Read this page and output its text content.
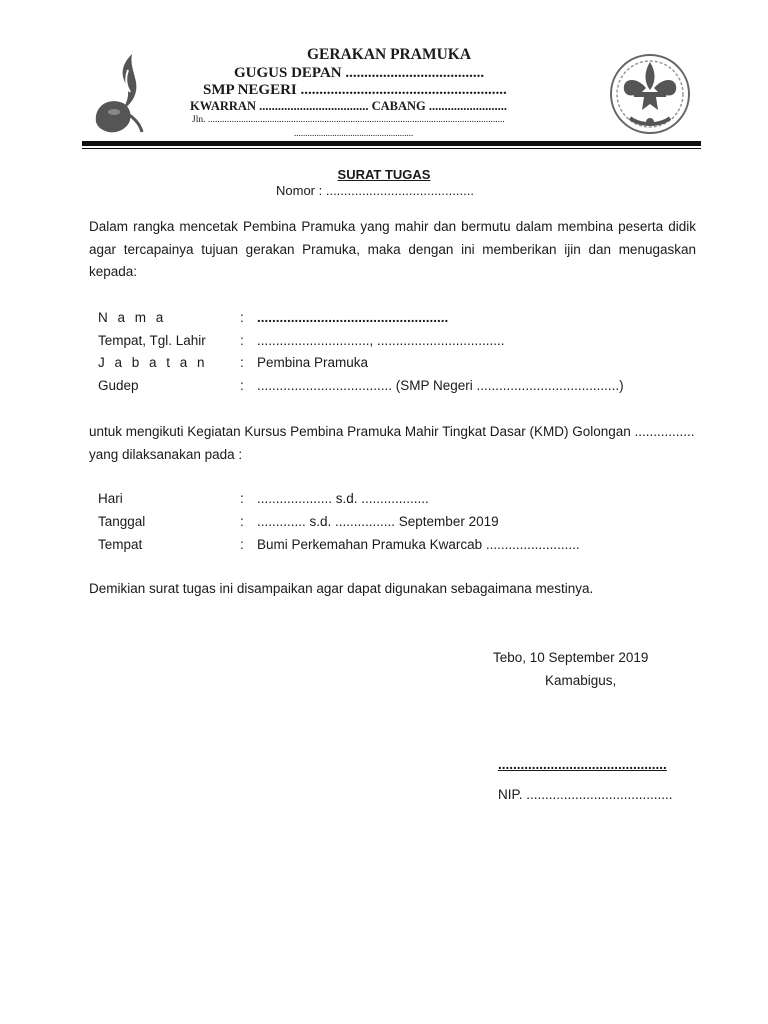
GERAKAN PRAMUKA
GUGUS DEPAN .....................................
SMP NEGERI .......................................................
KWARRAN ................................... CABANG .........................
Jln. .............................................................................................................................
.....................................................
SURAT TUGAS
Nomor : .........................................
Dalam rangka mencetak Pembina Pramuka yang mahir dan bermutu dalam membina peserta didik agar tercapainya tujuan gerakan Pramuka, maka dengan ini memberikan ijin dan menugaskan kepada:
N a m a	: ...................................................
Tempat, Tgl. Lahir	: .............................., ..................................
J a b a t a n : Pembina Pramuka
Gudep	: .................................... (SMP Negeri ......................................)
untuk mengikuti Kegiatan Kursus Pembina Pramuka Mahir Tingkat Dasar (KMD) Golongan ................ yang dilaksanakan pada :
Hari	: .................... s.d. ..................
Tanggal	: ............. s.d. ................ September 2019
Tempat	: Bumi Perkemahan Pramuka Kwarcab .........................
Demikian surat tugas ini disampaikan agar dapat digunakan sebagaimana mestinya.
Tebo, 10 September 2019
Kamabigus,
.............................................
NIP. .......................................
